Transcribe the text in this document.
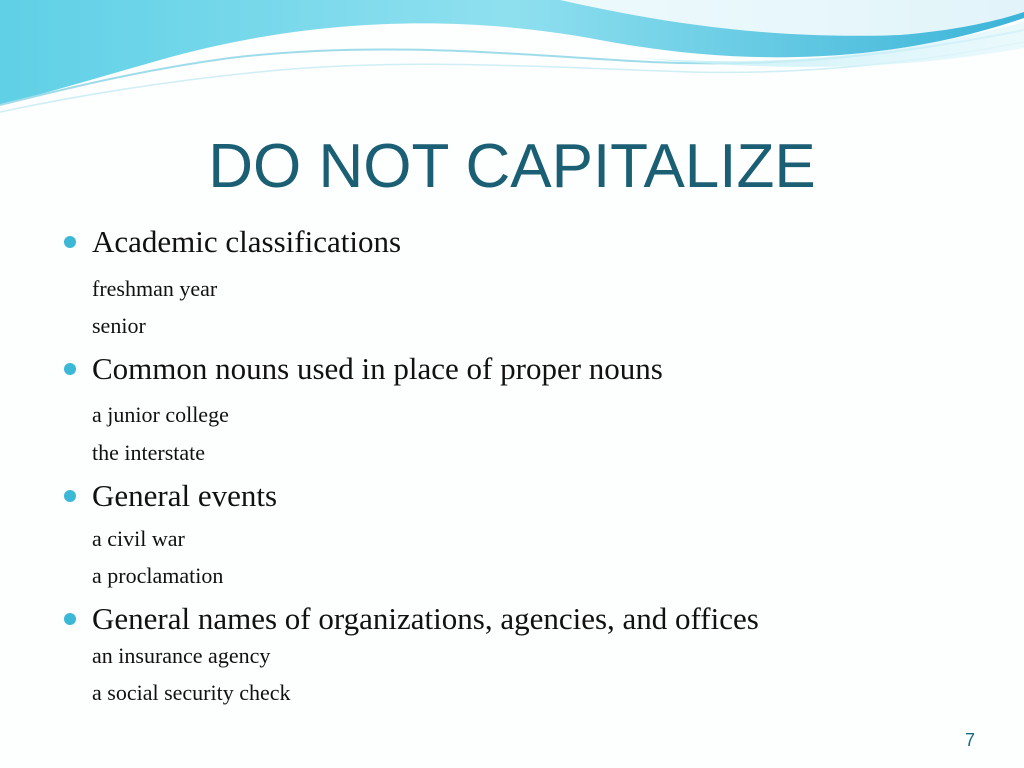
DO NOT CAPITALIZE
Academic classifications
freshman year
senior
Common nouns used in place of proper nouns
a junior college
the interstate
General events
a civil war
a proclamation
General names of organizations, agencies, and offices
an insurance agency
a social security check
7
